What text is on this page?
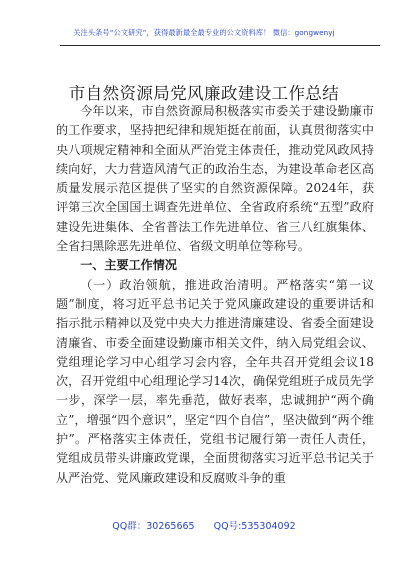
关注头条号“公文研究”，获得最新最全最专业的公文资料库！ 微信：gongwenyj
市自然资源局党风廉政建设工作总结

今年以来，市自然资源局积极落实市委关于建设勤廉市的工作要求，坚持把纪律和规矩挺在前面，认真贯彻落实中央八项规定精神和全面从严治党主体责任，推动党风政风持续向好，大力营造风清气正的政治生态，为建设革命老区高质量发展示范区提供了坚实的自然资源保障。2024年，获评第三次全国国土调查先进单位、全省政府系统“五型”政府建设先进集体、全省普法工作先进单位、省三八红旗集体、全省扫黑除恶先进单位、省级文明单位等称号。

一、主要工作情况

（一）政治领航，推进政治清明。严格落实“第一议题”制度，将习近平总书记关于党风廉政建设的重要讲话和指示批示精神以及党中央大力推进清廉建设、省委全面建设清廉省、市委全面建设勤廉市相关文件，纳入局党组会议、党组理论学习中心组学习会内容，全年共召开党组会议18次，召开党组中心组理论学习14次，确保党组班子成员先学一步，深学一层，率先垂范，做好表率，忠诚拥护“两个确立”，增强“四个意识”，坚定“四个自信”，坚决做到“两个维护”。严格落实主体责任，党组书记履行第一责任人责任，党组成员带头讲廉政党课，全面贯彻落实习近平总书记关于从严治党、党风廉政建设和反腐败斗争的重

QQ群：30265665 QQ号:535304092
